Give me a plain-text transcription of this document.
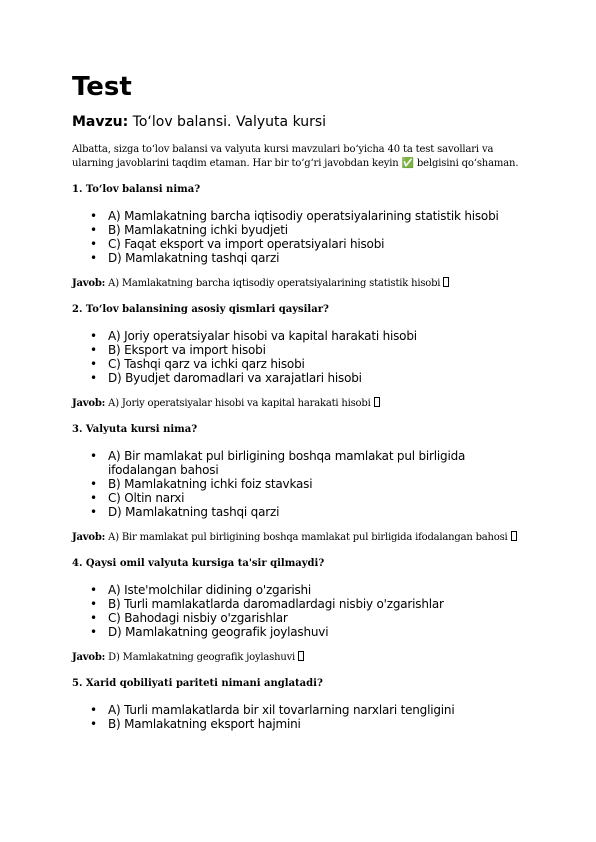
Test

Mavzu: To‘lov balansi. Valyuta kursi

Albatta, sizga to‘lov balansi va valyuta kursi mavzulari bo‘yicha 40 ta test savollari va ularning javoblarini taqdim etaman. Har bir to‘g‘ri javobdan keyin ✅ belgisini qo‘shaman.

1. To‘lov balansi nima?

• A) Mamlakatning barcha iqtisodiy operatsiyalarining statistik hisobi
• B) Mamlakatning ichki byudjeti
• C) Faqat eksport va import operatsiyalari hisobi
• D) Mamlakatning tashqi qarzi

Javob: A) Mamlakatning barcha iqtisodiy operatsiyalarining statistik hisobi

2. To‘lov balansining asosiy qismlari qaysilar?

• A) Joriy operatsiyalar hisobi va kapital harakati hisobi
• B) Eksport va import hisobi
• C) Tashqi qarz va ichki qarz hisobi
• D) Byudjet daromadlari va xarajatlari hisobi

Javob: A) Joriy operatsiyalar hisobi va kapital harakati hisobi

3. Valyuta kursi nima?

• A) Bir mamlakat pul birligining boshqa mamlakat pul birligida ifodalangan bahosi
• B) Mamlakatning ichki foiz stavkasi
• C) Oltin narxi
• D) Mamlakatning tashqi qarzi

Javob: A) Bir mamlakat pul birligining boshqa mamlakat pul birligida ifodalangan bahosi

4. Qaysi omil valyuta kursiga ta'sir qilmaydi?

• A) Iste'molchilar didining o'zgarishi
• B) Turli mamlakatlarda daromadlardagi nisbiy o'zgarishlar
• C) Bahodagi nisbiy o'zgarishlar
• D) Mamlakatning geografik joylashuvi

Javob: D) Mamlakatning geografik joylashuvi

5. Xarid qobiliyati pariteti nimani anglatadi?

• A) Turli mamlakatlarda bir xil tovarlarning narxlari tengligini
• B) Mamlakatning eksport hajmini
